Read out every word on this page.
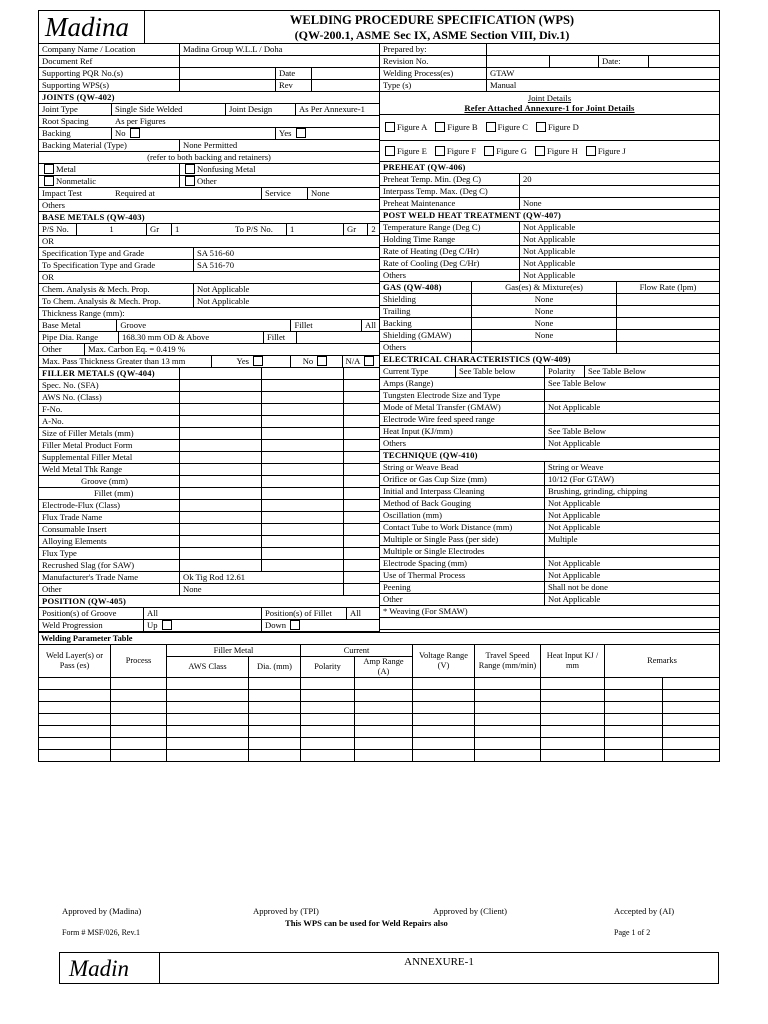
Madina	WELDING PROCEDURE SPECIFICATION (WPS)
(QW-200.1, ASME Sec IX, ASME Section VIII, Div.1)
Company Name / Location	Madina Group W.L.L / Doha
Document Ref
Supporting PQR No.(s)	Date
Supporting WPS(s)	Rev
JOINTS (QW-402)
Joint Type	Single Side Welded	Joint Design	As Per Annexure-1
Root Spacing	As per Figures
Backing	No	Yes
Backing Material (Type)	None Permitted
(refer to both backing and retainers)
Metal	Nonfusing Metal
Nonmetalic	Other
Impact Test	Required at	Service	None
Others
BASE METALS (QW-403)
P/S No.	1	Gr	1	To P/S No.	1	Gr	2
OR
Specification Type and Grade	SA 516-60
To Specification Type and Grade	SA 516-70
OR
Chem. Analysis & Mech. Prop.	Not Applicable
To Chem. Analysis & Mech. Prop.	Not Applicable
Thickness Range (mm):
Base Metal	Groove	Fillet	All
Pipe Dia. Range	168.30 mm OD & Above	Fillet
Other	Max. Carbon Eq. = 0.419 %
Max. Pass Thickness Greater than 13 mm	Yes	No	N/A
FILLER METALS (QW-404)
Spec. No. (SFA)
AWS No. (Class)
F-No.
A-No.
Size of Filler Metals (mm)
Filler Metal Product Form
Supplemental Filler Metal
Weld Metal Thk Range
Groove (mm)
Fillet (mm)
Electrode-Flux (Class)
Flux Trade Name
Consumable Insert
Alloying Elements
Flux Type
Recrushed Slag (for SAW)
Manufacturer's Trade Name	Ok Tig Rod 12.61
Other	None
POSITION (QW-405)
Position(s) of Groove	All	Position(s) of Fillet	All
Weld Progression	Up	Down
Prepared by:
Revision No.	Date:
Welding Process(es)	GTAW
Type (s)	Manual
Joint Details
Refer Attached Annexure-1 for Joint Details
Figure A Figure B Figure C Figure D
Figure E Figure F Figure G Figure H Figure J
PREHEAT (QW-406)
Preheat Temp. Min. (Deg C)	20
Interpass Temp. Max. (Deg C)
Preheat Maintenance	None
POST WELD HEAT TREATMENT (QW-407)
Temperature Range (Deg C)	Not Applicable
Holding Time Range	Not Applicable
Rate of Heating (Deg C/Hr)	Not Applicable
Rate of Cooling (Deg C/Hr)	Not Applicable
Others	Not Applicable
GAS (QW-408)	Gas(es) & Mixture(es)	Flow Rate (lpm)
Shielding	None
Trailing	None
Backing	None
Shielding (GMAW)	None
Others
ELECTRICAL CHARACTERISTICS (QW-409)
Current Type	See Table below	Polarity	See Table Below
Amps (Range)	See Table Below
Tungsten Electrode Size and Type
Mode of Metal Transfer (GMAW)	Not Applicable
Electrode Wire feed speed range
Heat Input (KJ/mm)	See Table Below
Others	Not Applicable
TECHNIQUE (QW-410)
String or Weave Bead	String or Weave
Orifice or Gas Cup Size (mm)	10/12 (For GTAW)
Initial and Interpass Cleaning	Brushing, grinding, chipping
Method of Back Gouging	Not Applicable
Oscillation (mm)	Not Applicable
Contact Tube to Work Distance (mm)	Not Applicable
Multiple or Single Pass (per side)	Multiple
Multiple or Single Electrodes
Electrode Spacing (mm)	Not Applicable
Use of Thermal Process	Not Applicable
Peening	Shall not be done
Other	Not Applicable
* Weaving (For SMAW)
Welding Parameter Table										
Weld Layer(s) or Pass (es)	Process	Filler Metal		Current		Voltage Range (V)	Travel Speed Range (mm/min)	Heat Input KJ / mm	Remarks	
		AWS Class	Dia. (mm)	Polarity	Amp Range (A)					

Approved by (Madina)	Approved by (TPI)	Approved by (Client)	Accepted by (AI)
This WPS can be used for Weld Repairs also
Form # MSF/026, Rev.1	Page 1 of 2
Madin	ANNEXURE-1
